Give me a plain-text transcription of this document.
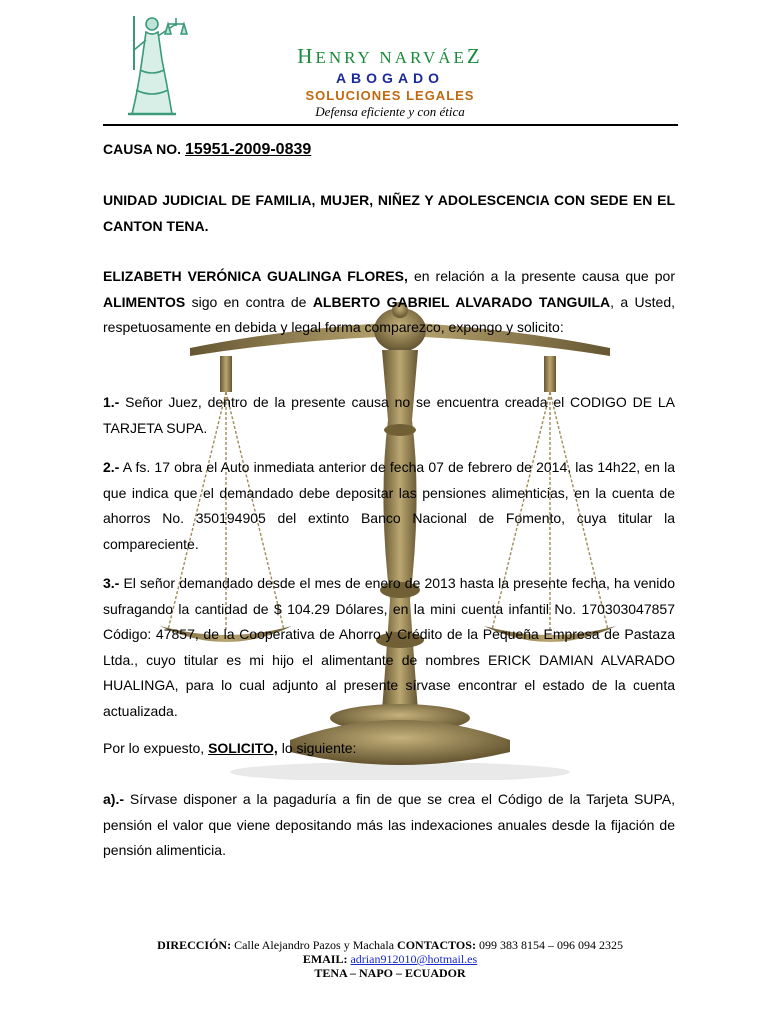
HENRY NARVÁEZ
ABOGADO
SOLUCIONES LEGALES
Defensa eficiente y con ética
CAUSA NO. 15951-2009-0839
UNIDAD JUDICIAL DE FAMILIA, MUJER, NIÑEZ Y ADOLESCENCIA CON SEDE EN EL CANTON TENA.
ELIZABETH VERÓNICA GUALINGA FLORES, en relación a la presente causa que por ALIMENTOS sigo en contra de ALBERTO GABRIEL ALVARADO TANGUILA, a Usted, respetuosamente en debida y legal forma comparezco, expongo y solicito:
1.- Señor Juez, dentro de la presente causa no se encuentra creada el CODIGO DE LA TARJETA SUPA.
2.- A fs. 17 obra el Auto inmediata anterior de fecha 07 de febrero de 2014, las 14h22, en la que indica que el demandado debe depositar las pensiones alimenticias, en la cuenta de ahorros No. 350194905 del extinto Banco Nacional de Fomento, cuya titular la compareciente.
3.- El señor demandado desde el mes de enero de 2013 hasta la presente fecha, ha venido sufragando la cantidad de $ 104.29 Dólares, en la mini cuenta infantil No. 170303047857 Código: 47857, de la Cooperativa de Ahorro y Crédito de la Pequeña Empresa de Pastaza Ltda., cuyo titular es mi hijo el alimentante de nombres ERICK DAMIAN ALVARADO HUALINGA, para lo cual adjunto al presente sírvase encontrar el estado de la cuenta actualizada.
Por lo expuesto, SOLICITO, lo siguiente:
a).- Sírvase disponer a la pagaduría a fin de que se crea el Código de la Tarjeta SUPA, pensión el valor que viene depositando más las indexaciones anuales desde la fijación de pensión alimenticia.
DIRECCIÓN: Calle Alejandro Pazos y Machala CONTACTOS: 099 383 8154 – 096 094 2325
EMAIL: adrian912010@hotmail.es
TENA – NAPO – ECUADOR
